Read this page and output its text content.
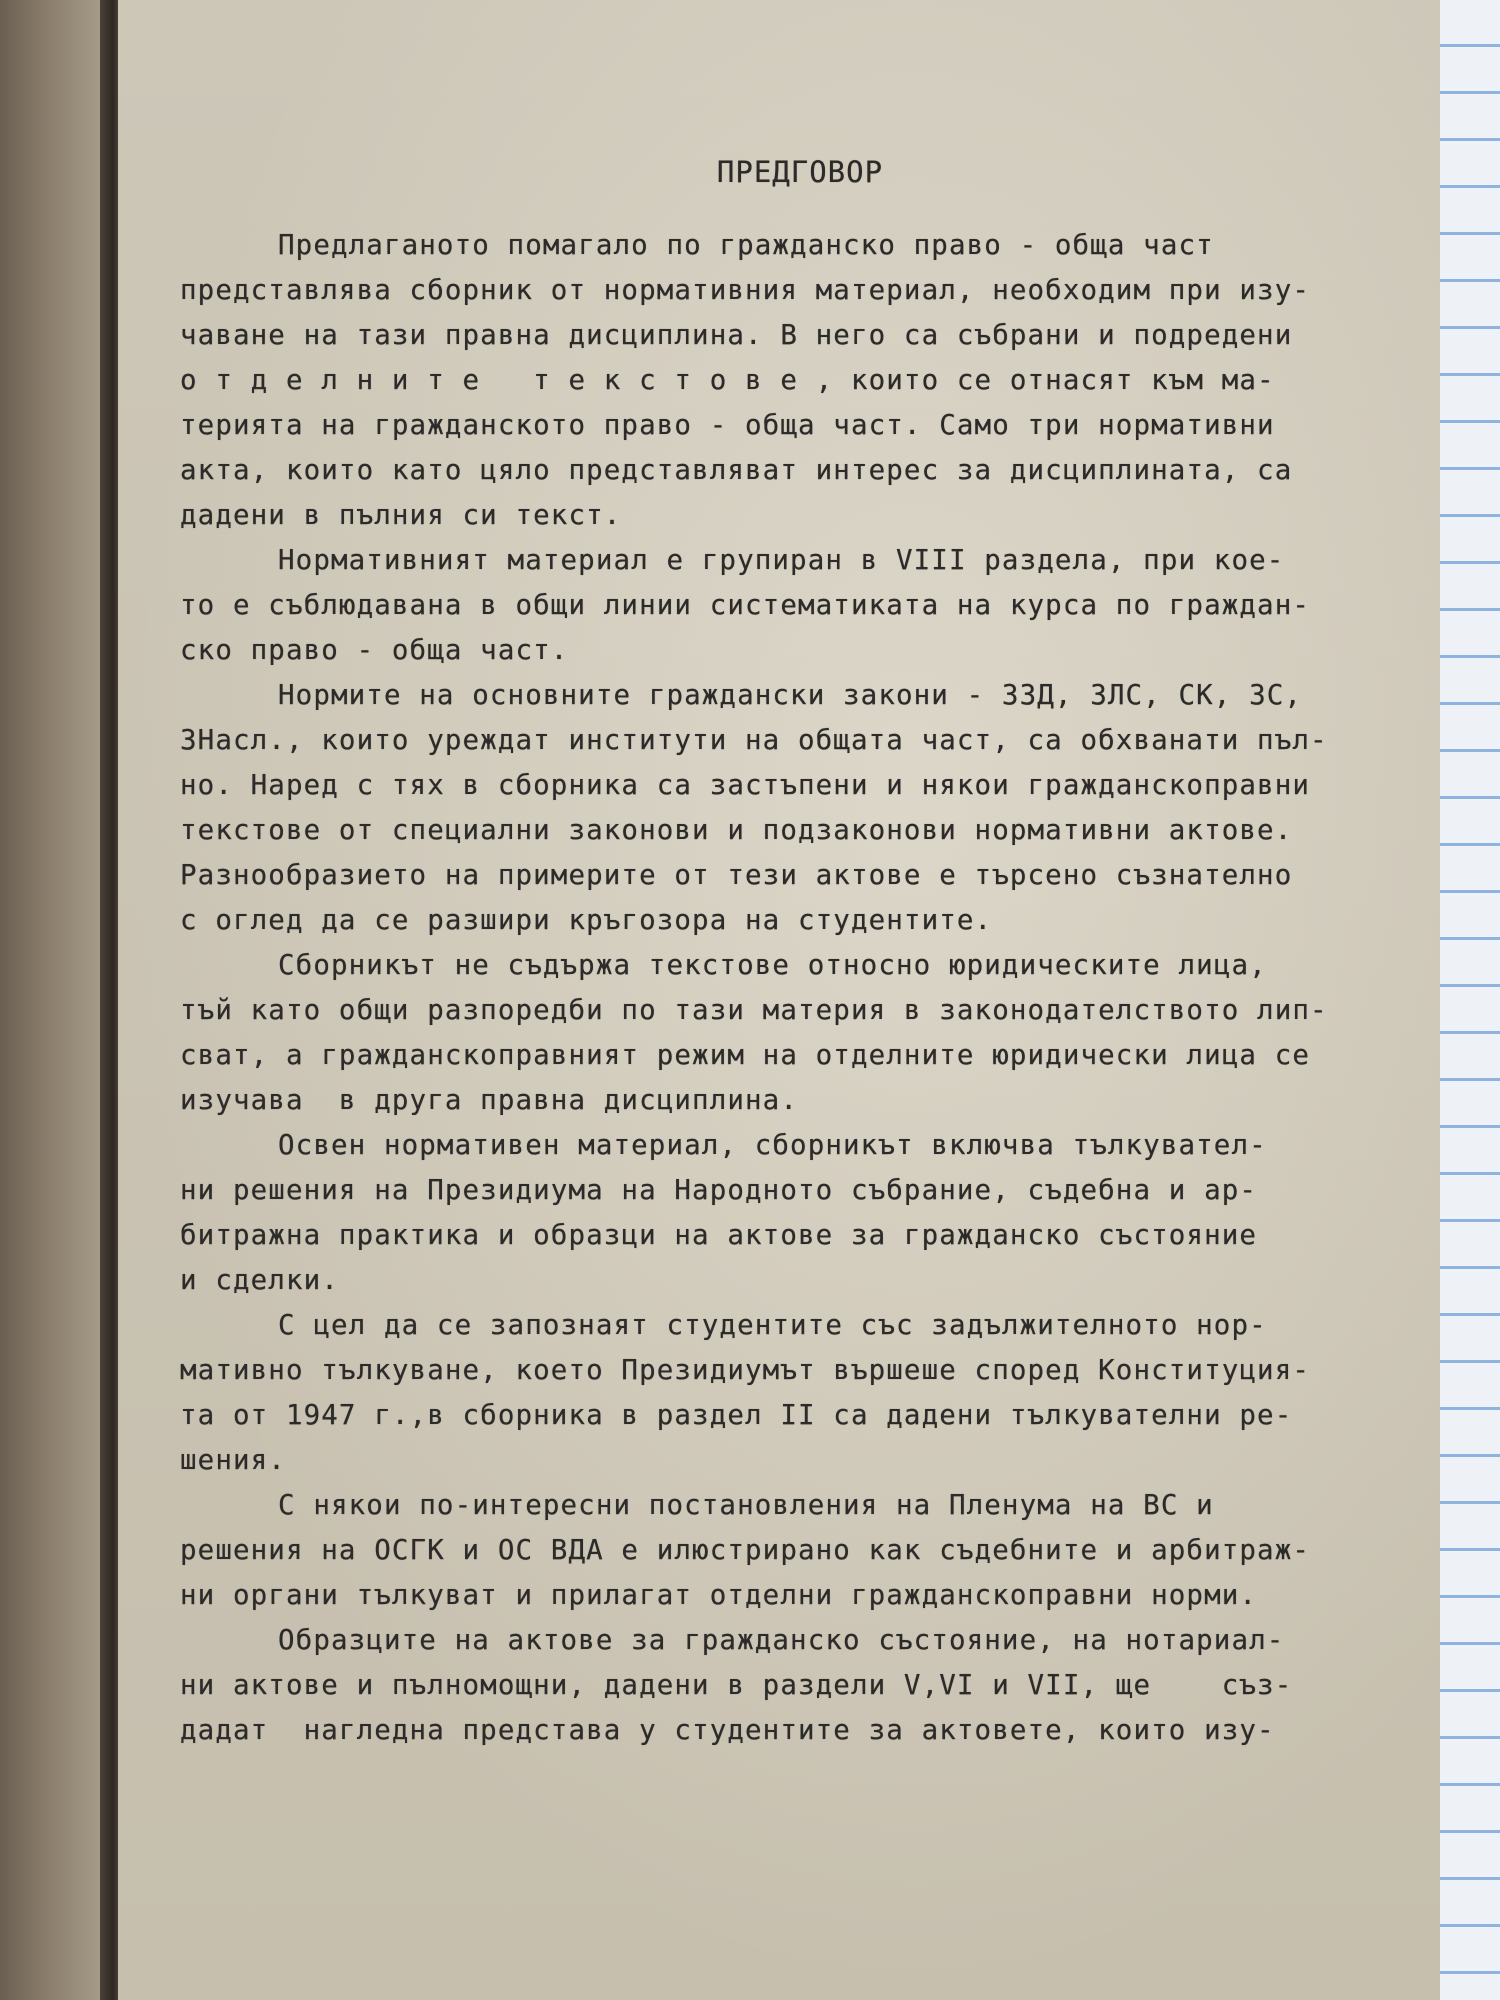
ПРЕДГОВОР
Предлаганото помагало по гражданско право - обща част
представлява сборник от нормативния материал, необходим при изу-
чаване на тази правна дисциплина. В него са събрани и подредени
о т д е л н и т е   т е к с т о в е , които се отнасят към ма-
терията на гражданското право - обща част. Само три нормативни
акта, които като цяло представляват интерес за дисциплината, са
дадени в пълния си текст.
Нормативният материал е групиран в VIII раздела, при кое-
то е съблюдавана в общи линии систематиката на курса по граждан-
ско право - обща част.
Нормите на основните граждански закони - ЗЗД, ЗЛС, СК, ЗС,
ЗНасл., които уреждат институти на общата част, са обхванати пъл-
но. Наред с тях в сборника са застъпени и някои гражданскоправни
текстове от специални законови и подзаконови нормативни актове.
Разнообразието на примерите от тези актове е търсено съзнателно
с оглед да се разшири кръгозора на студентите.
Сборникът не съдържа текстове относно юридическите лица,
тъй като общи разпоредби по тази материя в законодателството лип-
сват, а гражданскоправният режим на отделните юридически лица се
изучава  в друга правна дисциплина.
Освен нормативен материал, сборникът включва тълкувател-
ни решения на Президиума на Народното събрание, съдебна и ар-
битражна практика и образци на актове за гражданско състояние
и сделки.
С цел да се запознаят студентите със задължителното нор-
мативно тълкуване, което Президиумът вършеше според Конституция-
та от 1947 г.,в сборника в раздел II са дадени тълкувателни ре-
шения.
С някои по-интересни постановления на Пленума на ВС и
решения на ОСГК и ОС ВДА е илюстрирано как съдебните и арбитраж-
ни органи тълкуват и прилагат отделни гражданскоправни норми.
Образците на актове за гражданско състояние, на нотариал-
ни актове и пълномощни, дадени в раздели V,VI и VII, ще    съз-
дадат  нагледна представа у студентите за актовете, които изу-
